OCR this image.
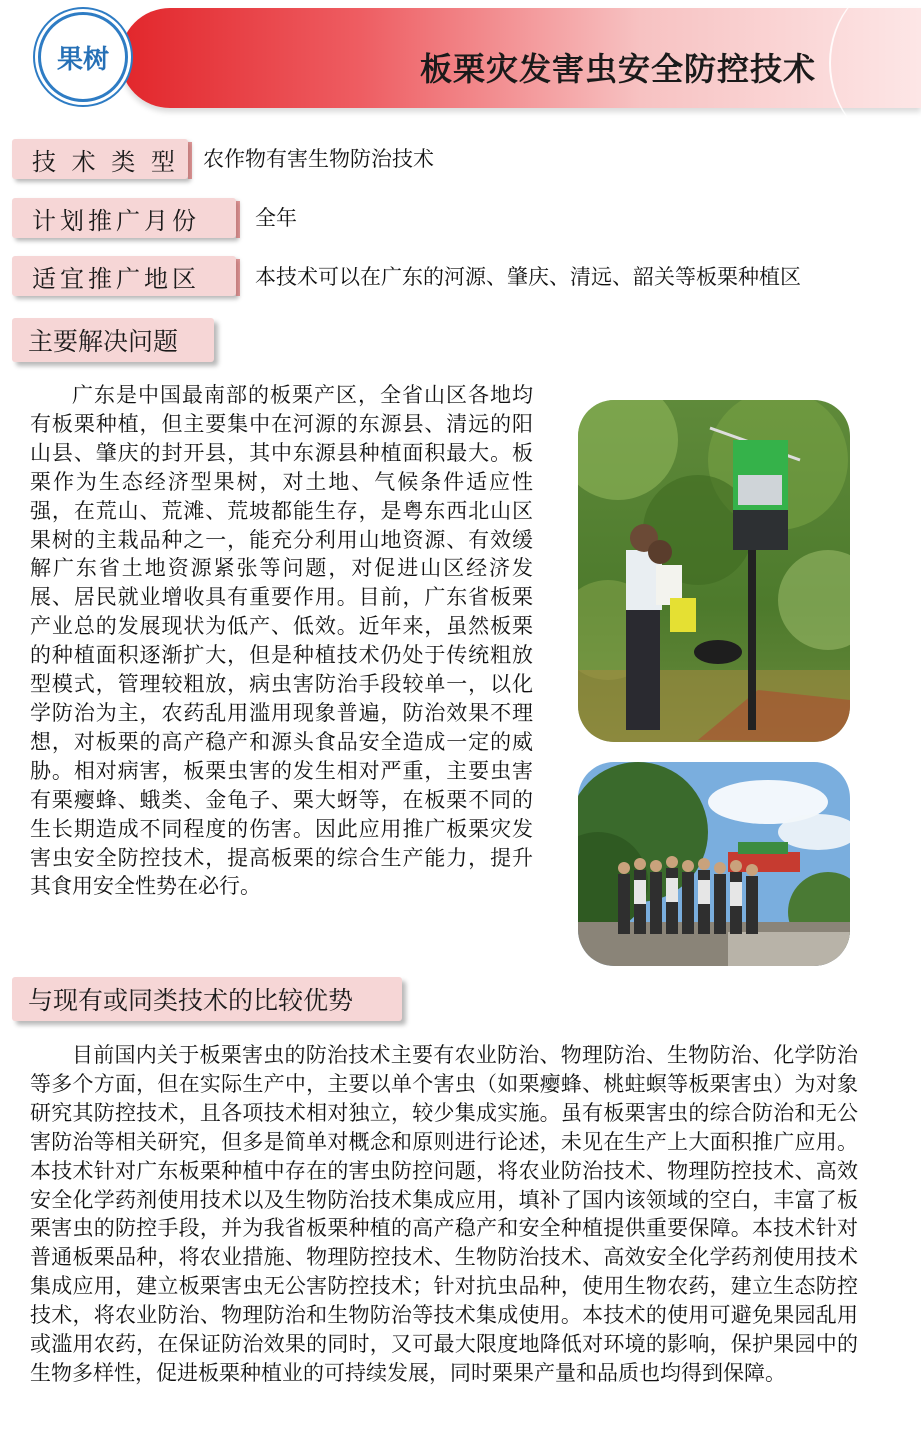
板栗灾发害虫安全防控技术
果树
技 术 类 型 农作物有害生物防治技术
计划推广月份	全年
适宜推广地区	本技术可以在广东的河源、肇庆、清远、韶关等板栗种植区
主要解决问题

广东是中国最南部的板栗产区，全省山区各地均有板栗种植，但主要集中在河源的东源县、清远的阳山县、肇庆的封开县，其中东源县种植面积最大。板栗作为生态经济型果树，对土地、气候条件适应性强，在荒山、荒滩、荒坡都能生存，是粤东西北山区果树的主栽品种之一，能充分利用山地资源、有效缓解广东省土地资源紧张等问题，对促进山区经济发展、居民就业增收具有重要作用。目前，广东省板栗产业总的发展现状为低产、低效。近年来，虽然板栗的种植面积逐渐扩大，但是种植技术仍处于传统粗放型模式，管理较粗放，病虫害防治手段较单一，以化学防治为主，农药乱用滥用现象普遍，防治效果不理想，对板栗的高产稳产和源头食品安全造成一定的威胁。相对病害，板栗虫害的发生相对严重，主要虫害有栗瘿蜂、蛾类、金龟子、栗大蚜等，在板栗不同的生长期造成不同程度的伤害。因此应用推广板栗灾发害虫安全防控技术，提高板栗的综合生产能力，提升其食用安全性势在必行。

与现有或同类技术的比较优势

目前国内关于板栗害虫的防治技术主要有农业防治、物理防治、生物防治、化学防治等多个方面，但在实际生产中，主要以单个害虫（如栗瘿蜂、桃蛀螟等板栗害虫）为对象研究其防控技术，且各项技术相对独立，较少集成实施。虽有板栗害虫的综合防治和无公害防治等相关研究，但多是简单对概念和原则进行论述，未见在生产上大面积推广应用。本技术针对广东板栗种植中存在的害虫防控问题，将农业防治技术、物理防控技术、高效安全化学药剂使用技术以及生物防治技术集成应用，填补了国内该领域的空白，丰富了板栗害虫的防控手段，并为我省板栗种植的高产稳产和安全种植提供重要保障。本技术针对普通板栗品种，将农业措施、物理防控技术、生物防治技术、高效安全化学药剂使用技术集成应用，建立板栗害虫无公害防控技术；针对抗虫品种，使用生物农药，建立生态防控技术，将农业防治、物理防治和生物防治等技术集成使用。本技术的使用可避免果园乱用或滥用农药，在保证防治效果的同时，又可最大限度地降低对环境的影响，保护果园中的生物多样性，促进板栗种植业的可持续发展，同时栗果产量和品质也均得到保障。
